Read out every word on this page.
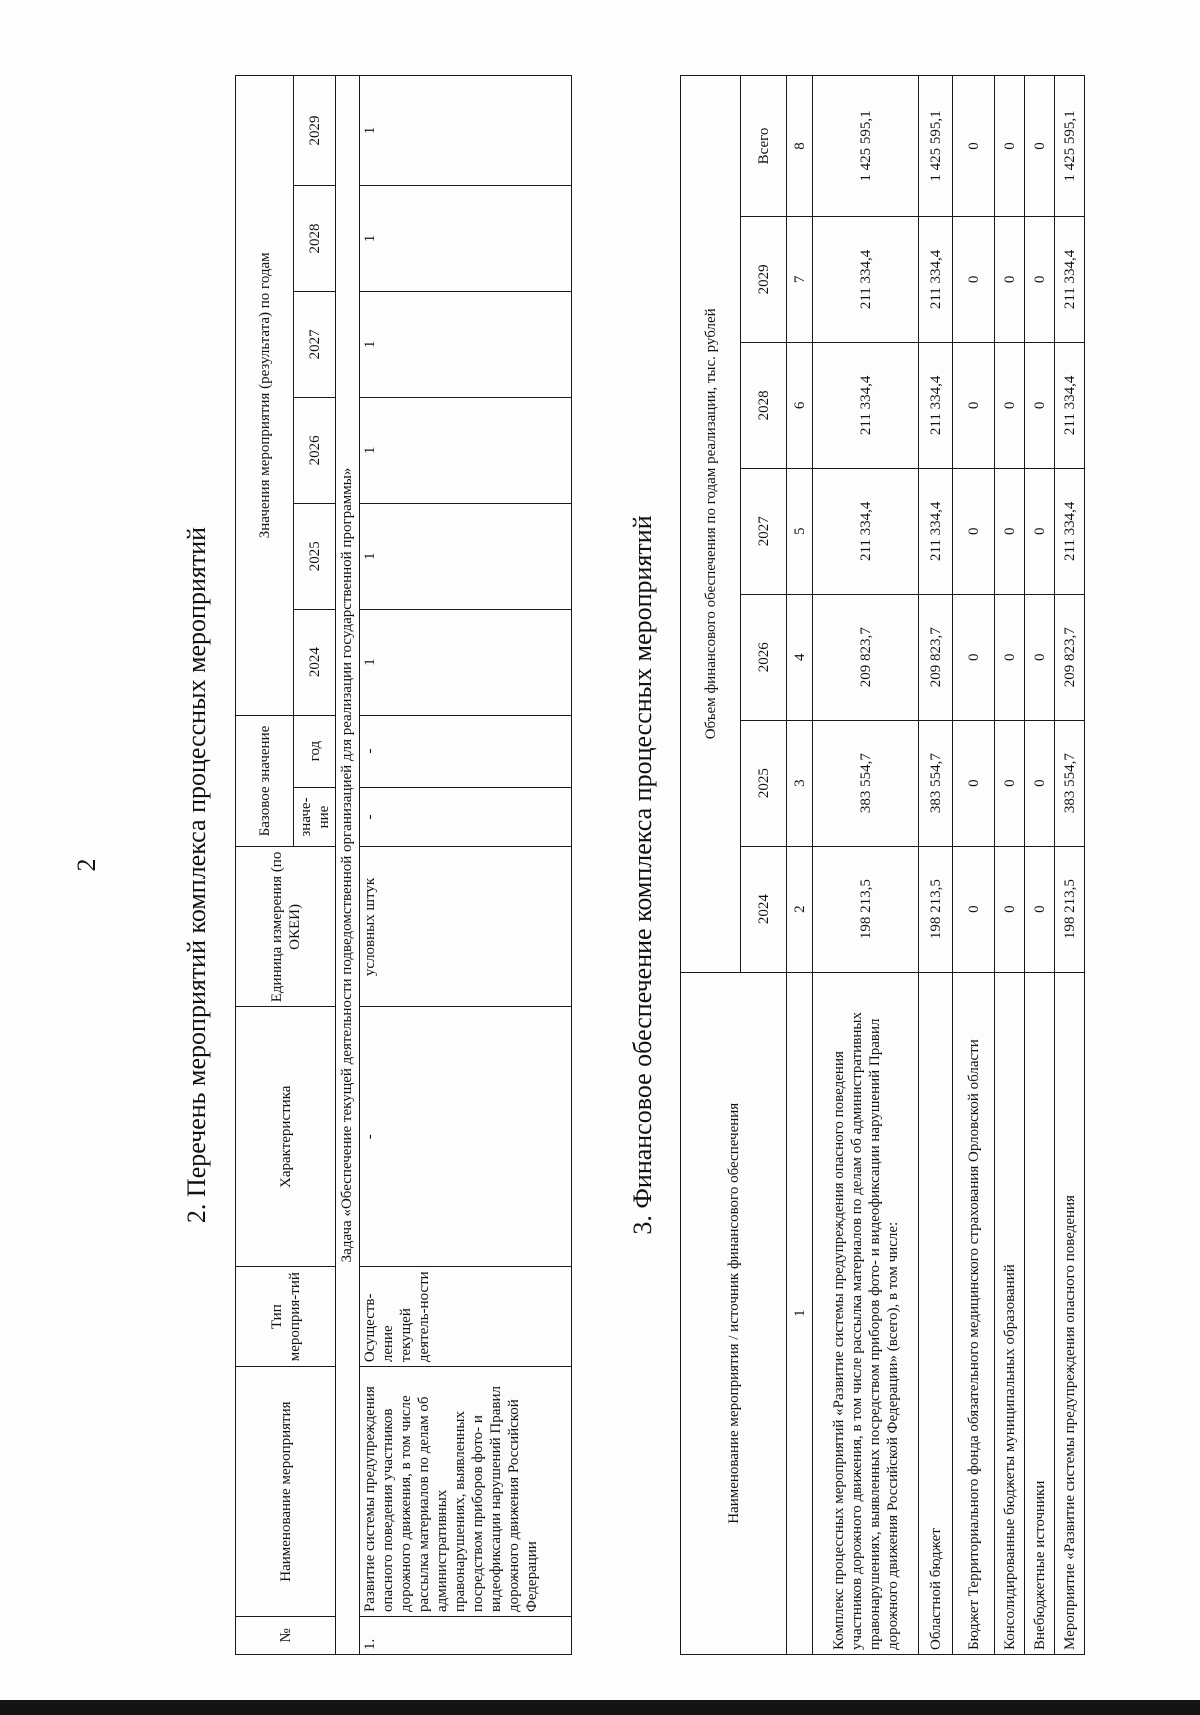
2	2. Перечень мероприятий комплекса процессных мероприятий
№	Наименование мероприятия	Тип мероприя-тий	Характеристика	Единица измерения (по ОКЕИ)	Базовое значение		Значения мероприятия (результата) по годам					
					значе-ние	год	2024	2025	2026	2027	2028	2029
Задача «Обеспечение текущей деятельности подведомственной организацией для реализации государственной программы»												
1.	Развитие системы предупреждения опасного поведения участников дорожного движения, в том числе рассылка материалов по делам об административных правонарушениях, выявленных посредством приборов фото- и видеофиксации нарушений Правил дорожного движения Российской Федерации	Осуществ-ление текущей деятель-ности	-	условных штук	-	-	1	1	1	1	1	1
3. Финансовое обеспечение комплекса процессных мероприятий
Наименование мероприятия / источник финансового обеспечения	Объем финансового обеспечения по годам реализации, тыс. рублей						
	2024	2025	2026	2027	2028	2029	Всего
1	2	3	4	5	6	7	8
Комплекс процессных мероприятий «Развитие системы предупреждения опасного поведения участников дорожного движения, в том числе рассылка материалов по делам об административных правонарушениях, выявленных посредством приборов фото- и видеофиксации нарушений Правил дорожного движения Российской Федерации» (всего), в том числе:	198 213,5	383 554,7	209 823,7	211 334,4	211 334,4	211 334,4	1 425 595,1
Областной бюджет	198 213,5	383 554,7	209 823,7	211 334,4	211 334,4	211 334,4	1 425 595,1
Бюджет Территориального фонда обязательного медицинского страхования Орловской области	0	0	0	0	0	0	0
Консолидированные бюджеты муниципальных образований	0	0	0	0	0	0	0
Внебюджетные источники	0	0	0	0	0	0	0
Мероприятие «Развитие системы предупреждения опасного поведения	198 213,5	383 554,7	209 823,7	211 334,4	211 334,4	211 334,4	1 425 595,1
